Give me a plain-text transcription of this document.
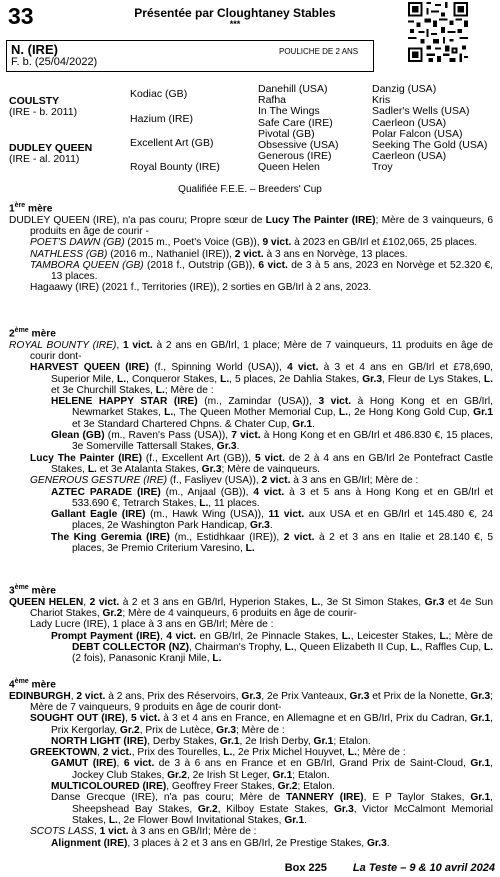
33	Présentée par Cloughtaney Stables
***
N. (IRE)
F. b. (25/04/2022)
POULICHE DE 2 ANS
COULSTY
(IRE - b. 2011)
DUDLEY QUEEN
(IRE - al. 2011)
Kodiac (GB)
Hazium (IRE)
Excellent Art (GB)
Royal Bounty (IRE)
Danehill (USA)
Rafha
In The Wings
Safe Care (IRE)
Pivotal (GB)
Obsessive (USA)
Generous (IRE)
Queen Helen
Danzig (USA)
Kris
Sadler's Wells (USA)
Caerleon (USA)
Polar Falcon (USA)
Seeking The Gold (USA)
Caerleon (USA)
Troy
Qualifiée F.E.E. – Breeders' Cup

1ère mère

DUDLEY QUEEN (IRE), n'a pas couru; Propre sœur de Lucy The Painter (IRE); Mère de 3 vainqueurs, 6 produits en âge de courir -

POET'S DAWN (GB) (2015 m., Poet's Voice (GB)), 9 vict. à 2023 en GB/Irl et £102,065, 25 places.

NATHLESS (GB) (2016 m., Nathaniel (IRE)), 2 vict. à 3 ans en Norvège, 13 places.

TAMBORA QUEEN (GB) (2018 f., Outstrip (GB)), 6 vict. de 3 à 5 ans, 2023 en Norvège et 52.320 €, 13 places.

Hagaawy (IRE) (2021 f., Territories (IRE)), 2 sorties en GB/Irl à 2 ans, 2023.

2ème mère

ROYAL BOUNTY (IRE), 1 vict. à 2 ans en GB/Irl, 1 place; Mère de 7 vainqueurs, 11 produits en âge de courir dont-

HARVEST QUEEN (IRE) (f., Spinning World (USA)), 4 vict. à 3 et 4 ans en GB/Irl et £78,690, Superior Mile, L., Conqueror Stakes, L., 5 places, 2e Dahlia Stakes, Gr.3, Fleur de Lys Stakes, L. et 3e Churchill Stakes, L.; Mère de :

HELENE HAPPY STAR (IRE) (m., Zamindar (USA)), 3 vict. à Hong Kong et en GB/Irl, Newmarket Stakes, L., The Queen Mother Memorial Cup, L., 2e Hong Kong Gold Cup, Gr.1 et 3e Standard Chartered Chpns. & Chater Cup, Gr.1.

Glean (GB) (m., Raven's Pass (USA)), 7 vict. à Hong Kong et en GB/Irl et 486.830 €, 15 places, 3e Somerville Tattersall Stakes, Gr.3.

Lucy The Painter (IRE) (f., Excellent Art (GB)), 5 vict. de 2 à 4 ans en GB/Irl 2e Pontefract Castle Stakes, L. et 3e Atalanta Stakes, Gr.3; Mère de vainqueurs.

GENEROUS GESTURE (IRE) (f., Fasliyev (USA)), 2 vict. à 3 ans en GB/Irl; Mère de :

AZTEC PARADE (IRE) (m., Anjaal (GB)), 4 vict. à 3 et 5 ans à Hong Kong et en GB/Irl et 533.690 €, Tetrarch Stakes, L., 11 places.

Gallant Eagle (IRE) (m., Hawk Wing (USA)), 11 vict. aux USA et en GB/Irl et 145.480 €, 24 places, 2e Washington Park Handicap, Gr.3.

The King Geremia (IRE) (m., Estidhkaar (IRE)), 2 vict. à 2 et 3 ans en Italie et 28.140 €, 5 places, 3e Premio Criterium Varesino, L.

3ème mère

QUEEN HELEN, 2 vict. à 2 et 3 ans en GB/Irl, Hyperion Stakes, L., 3e St Simon Stakes, Gr.3 et 4e Sun Chariot Stakes, Gr.2; Mère de 4 vainqueurs, 6 produits en âge de courir-

Lady Lucre (IRE), 1 place à 3 ans en GB/Irl; Mère de :

Prompt Payment (IRE), 4 vict. en GB/Irl, 2e Pinnacle Stakes, L., Leicester Stakes, L.; Mère de DEBT COLLECTOR (NZ), Chairman's Trophy, L., Queen Elizabeth II Cup, L., Raffles Cup, L. (2 fois), Panasonic Kranji Mile, L.

4ème mère

EDINBURGH, 2 vict. à 2 ans, Prix des Réservoirs, Gr.3, 2e Prix Vanteaux, Gr.3 et Prix de la Nonette, Gr.3; Mère de 7 vainqueurs, 9 produits en âge de courir dont-

SOUGHT OUT (IRE), 5 vict. à 3 et 4 ans en France, en Allemagne et en GB/Irl, Prix du Cadran, Gr.1, Prix Kergorlay, Gr.2, Prix de Lutèce, Gr.3; Mère de :

NORTH LIGHT (IRE), Derby Stakes, Gr.1, 2e Irish Derby, Gr.1; Etalon.

GREEKTOWN, 2 vict., Prix des Tourelles, L., 2e Prix Michel Houyvet, L.; Mère de :

GAMUT (IRE), 6 vict. de 3 à 6 ans en France et en GB/Irl, Grand Prix de Saint-Cloud, Gr.1, Jockey Club Stakes, Gr.2, 2e Irish St Leger, Gr.1; Etalon.

MULTICOLOURED (IRE), Geoffrey Freer Stakes, Gr.2; Etalon.

Danse Grecque (IRE), n'a pas couru; Mère de TANNERY (IRE), E P Taylor Stakes, Gr.1, Sheepshead Bay Stakes, Gr.2, Kilboy Estate Stakes, Gr.3, Victor McCalmont Memorial Stakes, L., 2e Flower Bowl Invitational Stakes, Gr.1.

SCOTS LASS, 1 vict. à 3 ans en GB/Irl; Mère de :

Alignment (IRE), 3 places à 2 et 3 ans en GB/Irl, 2e Prestige Stakes, Gr.3.

Box 225 La Teste – 9 & 10 avril 2024
